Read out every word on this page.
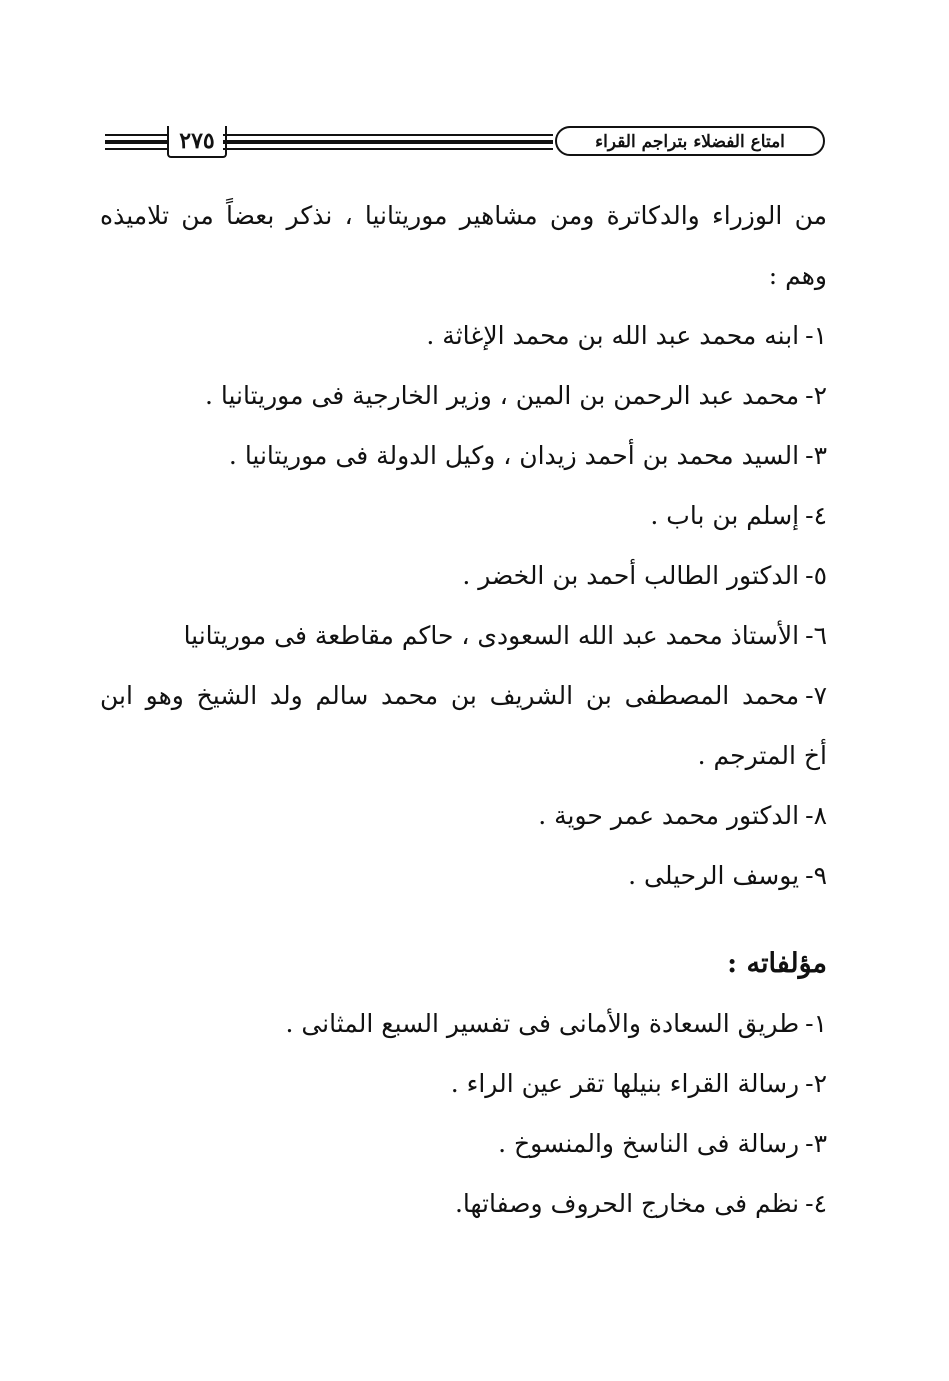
٢٧٥	امتاع الفضلاء بتراجم القراء
من الوزراء والدكاترة ومن مشاهير موريتانيا ، نذكر بعضاً من تلاميذه
وهم :
١-ابنه محمد عبد الله بن محمد الإغاثة .
٢-محمد عبد الرحمن بن المين ، وزير الخارجية فى موريتانيا .
٣-السيد محمد بن أحمد زيدان ، وكيل الدولة فى موريتانيا .
٤-إسلم بن باب .
٥-الدكتور الطالب أحمد بن الخضر .
٦-الأستاذ محمد عبد الله السعودى ، حاكم مقاطعة فى موريتانيا
٧-محمد المصطفى بن الشريف بن محمد سالم ولد الشيخ وهو ابن
أخ المترجم .
٨-الدكتور محمد عمر حوية .
٩-يوسف الرحيلى .
مؤلفاته :
١-طريق السعادة والأمانى فى تفسير السبع المثانى .
٢-رسالة القراء بنيلها تقر عين الراء .
٣-رسالة فى الناسخ والمنسوخ .
٤-نظم فى مخارج الحروف وصفاتها.
